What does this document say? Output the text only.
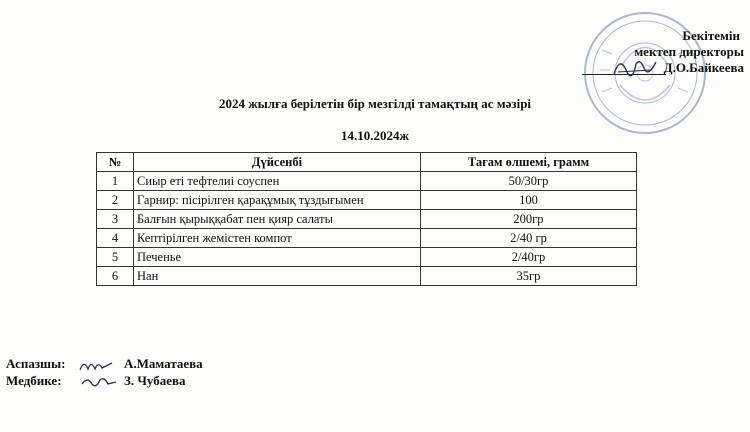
Бекітемін
мектеп директоры
Д.О.Байкеева
2024 жылға берілетін бір мезгілді тамақтың ас мәзірі
14.10.2024ж
№	Дүйсенбі	Тағам өлшемі, грамм
1	Сиыр еті тефтелиі соуспен	50/30гр
2	Гарнир: пісірілген қарақұмық тұздығымен	100
3	Балғын қырыққабат пен қияр салаты	200гр
4	Кептірілген жемістен компот	2/40 гр
5	Печенье	2/40гр
6	Нан	35гр
Аспазшы:	А.Маматаева
Медбике:	З. Чубаева
